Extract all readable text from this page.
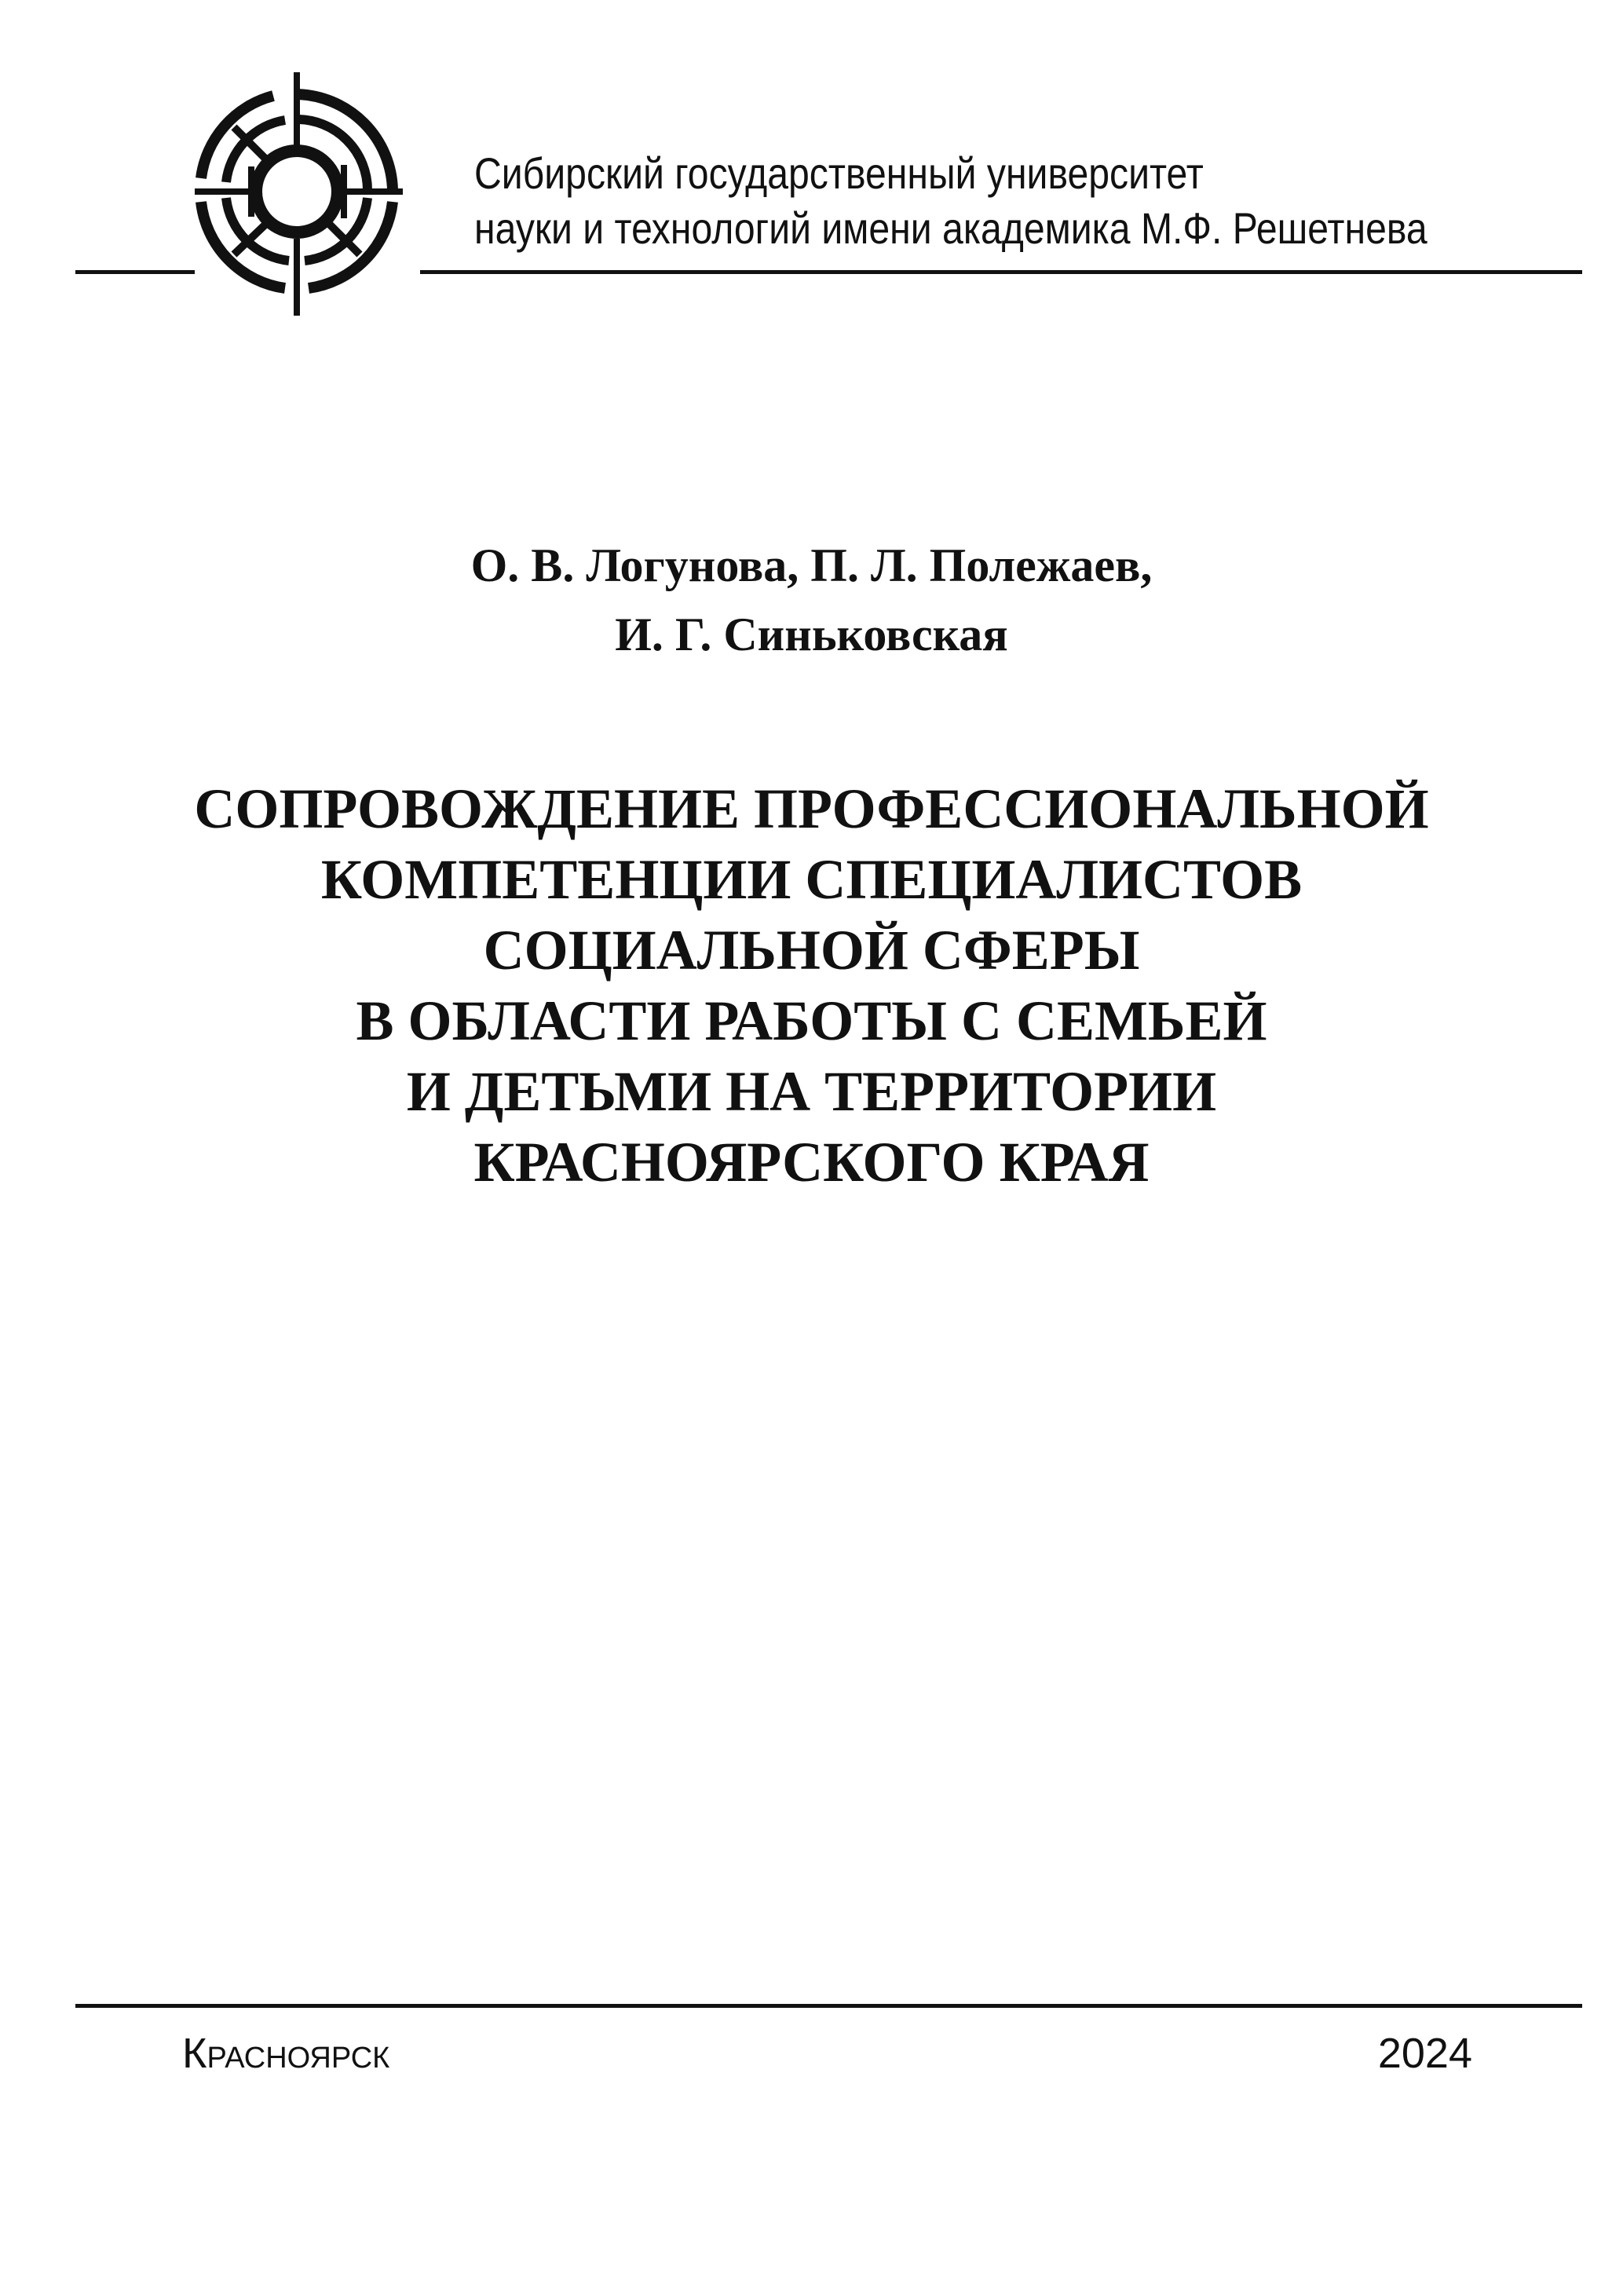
Сибирский государственный университет
науки и технологий имени академика М.Ф. Решетнева
О. В. Логунова, П. Л. Полежаев,
И. Г. Синьковская
СОПРОВОЖДЕНИЕ ПРОФЕССИОНАЛЬНОЙ
КОМПЕТЕНЦИИ СПЕЦИАЛИСТОВ
СОЦИАЛЬНОЙ СФЕРЫ
В ОБЛАСТИ РАБОТЫ С СЕМЬЕЙ
И ДЕТЬМИ НА ТЕРРИТОРИИ
КРАСНОЯРСКОГО КРАЯ
Красноярск	2024
